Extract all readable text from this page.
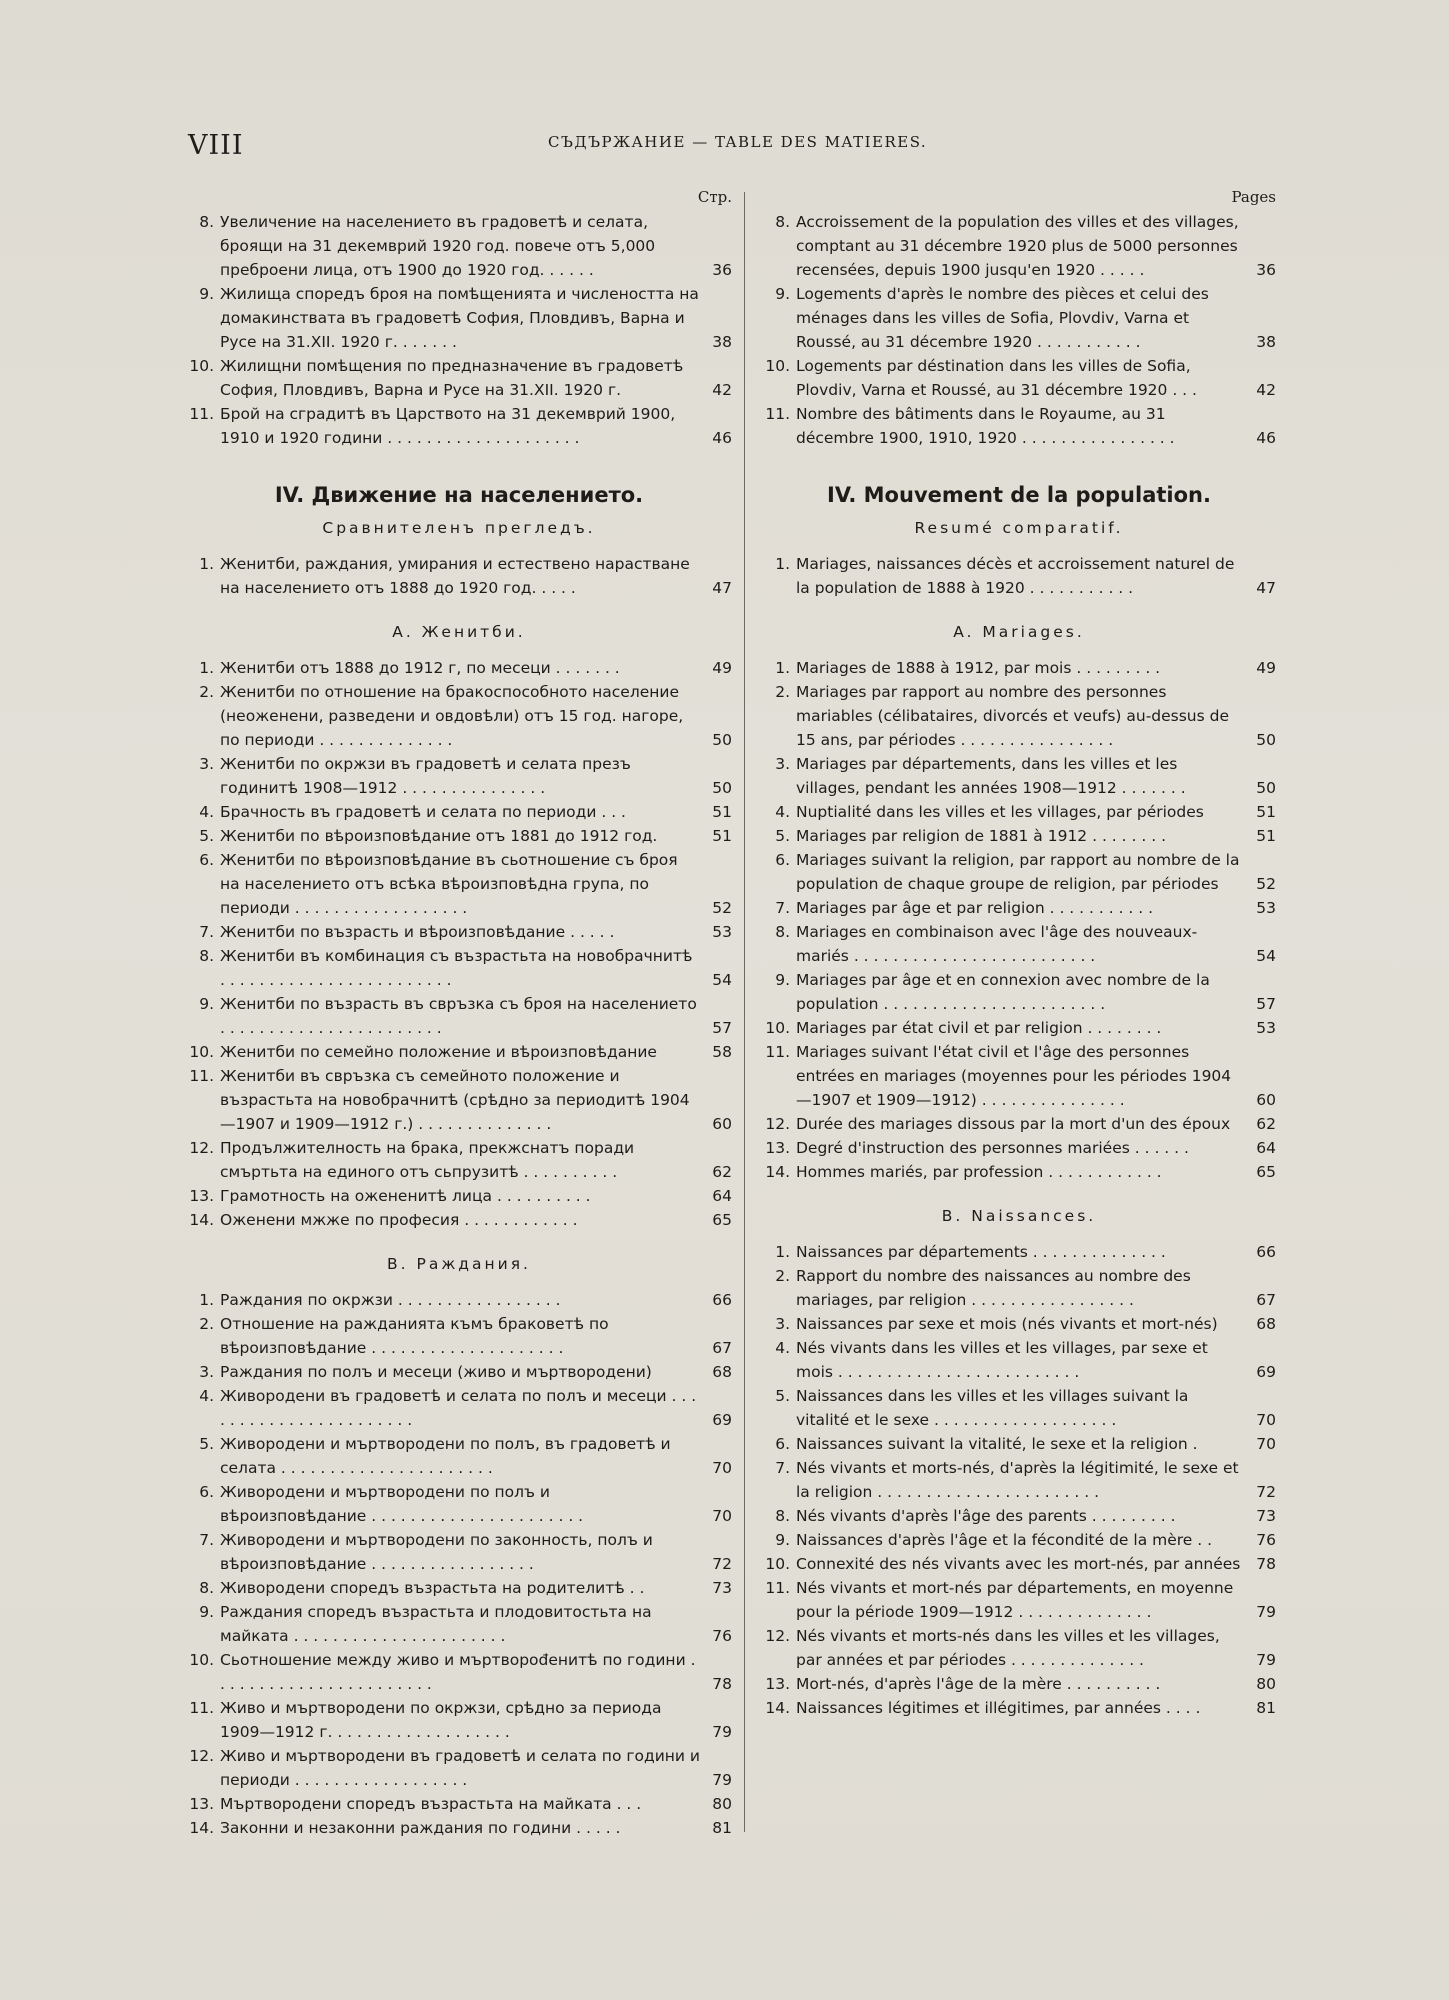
VIII	СЪДЪРЖАНИЕ — TABLE DES MATIERES.
Стр.
8. Увеличение на населението въ градоветѣ и селата, броящи на 31 декемврий 1920 год. повече отъ 5,000 преброени лица, отъ 1900 до 1920 год. . . . . .	36
9. Жилища споредъ броя на помѣщенията и числеността на домакинствата въ градоветѣ София, Пловдивъ, Варна и Русе на 31.XII. 1920 г. . . . . . .	38
10. Жилищни помѣщения по предназначение въ градоветѣ София, Пловдивъ, Варна и Русе на 31.XII. 1920 г.	42
11. Брой на сградитѣ въ Царството на 31 декемврий 1900, 1910 и 1920 години . . . . . . . . . . . . . . . . . . . .	46
IV. Движение на населението.
Сравнителенъ прегледъ.
1. Женитби, раждания, умирания и естествено нарастване на населението отъ 1888 до 1920 год. . . . .	47
А. Женитби.
1. Женитби отъ 1888 до 1912 г, по месеци . . . . . . .	49
2. Женитби по отношение на бракоспособното население (неоженени, разведени и овдовѣли) отъ 15 год. нагоре, по периоди . . . . . . . . . . . . . .	50
3. Женитби по окржзи въ градоветѣ и селата презъ годинитѣ 1908—1912 . . . . . . . . . . . . . . .	50
4. Брачность въ градоветѣ и селата по периоди . . .	51
5. Женитби по вѣроизповѣдание отъ 1881 до 1912 год.	51
6. Женитби по вѣроизповѣдание въ сьотношение съ броя на населението отъ всѣка вѣроизповѣдна група, по периоди . . . . . . . . . . . . . . . . . .	52
7. Женитби по възрасть и вѣроизповѣдание . . . . .	53
8. Женитби въ комбинация съ възрастьта на новобрачнитѣ . . . . . . . . . . . . . . . . . . . . . . . .	54
9. Женитби по възрасть въ свръзка съ броя на населението . . . . . . . . . . . . . . . . . . . . . . .	57
10. Женитби по семейно положение и вѣроизповѣдание	58
11. Женитби въ свръзка съ семейното положение и възрастьта на новобрачнитѣ (срѣдно за периодитѣ 1904—1907 и 1909—1912 г.) . . . . . . . . . . . . . .	60
12. Продължителность на брака, прекжснатъ поради смъртьта на единого отъ сьпрузитѣ . . . . . . . . . .	62
13. Грамотность на ожененитѣ лица . . . . . . . . . .	64
14. Оженени мжже по професия . . . . . . . . . . . .	65
В. Раждания.
1. Раждания по окржзи . . . . . . . . . . . . . . . . .	66
2. Отношение на ражданията къмъ браковетѣ по вѣроизповѣдание . . . . . . . . . . . . . . . . . . . .	67
3. Раждания по полъ и месеци (живо и мъртвородени)	68
4. Живородени въ градоветѣ и селата по полъ и месеци . . . . . . . . . . . . . . . . . . . . . . .	69
5. Живородени и мъртвородени по полъ, въ градоветѣ и селата . . . . . . . . . . . . . . . . . . . . . .	70
6. Живородени и мъртвородени по полъ и вѣроизповѣдание . . . . . . . . . . . . . . . . . . . . . .	70
7. Живородени и мъртвородени по законность, полъ и вѣроизповѣдание . . . . . . . . . . . . . . . . .	72
8. Живородени споредъ възрастьта на родителитѣ . .	73
9. Раждания споредъ възрастьта и плодовитостьта на майката . . . . . . . . . . . . . . . . . . . . . .	76
10. Сьотношение между живо и мъртворođенитѣ по години . . . . . . . . . . . . . . . . . . . . . . .	78
11. Живо и мъртвородени по окржзи, срѣдно за периода 1909—1912 г. . . . . . . . . . . . . . . . . . .	79
12. Живо и мъртвородени въ градоветѣ и селата по години и периоди . . . . . . . . . . . . . . . . . .	79
13. Мъртвородени споредъ възрастьта на майката . . .	80
14. Законни и незаконни раждания по години . . . . .	81
Pages
8. Accroissement de la population des villes et des villages, comptant au 31 décembre 1920 plus de 5000 personnes recensées, depuis 1900 jusqu'en 1920 . . . . .	36
9. Logements d'après le nombre des pièces et celui des ménages dans les villes de Sofia, Plovdiv, Varna et Roussé, au 31 décembre 1920 . . . . . . . . . . .	38
10. Logements par déstination dans les villes de Sofia, Plovdiv, Varna et Roussé, au 31 décembre 1920 . . .	42
11. Nombre des bâtiments dans le Royaume, au 31 décembre 1900, 1910, 1920 . . . . . . . . . . . . . . . .	46
IV. Mouvement de la population.
Resumé comparatif.
1. Mariages, naissances décès et accroissement naturel de la population de 1888 à 1920 . . . . . . . . . . .	47
A. Mariages.
1. Mariages de 1888 à 1912, par mois . . . . . . . . .	49
2. Mariages par rapport au nombre des personnes mariables (célibataires, divorcés et veufs) au-dessus de 15 ans, par périodes . . . . . . . . . . . . . . . .	50
3. Mariages par départements, dans les villes et les villages, pendant les années 1908—1912 . . . . . . .	50
4. Nuptialité dans les villes et les villages, par périodes	51
5. Mariages par religion de 1881 à 1912 . . . . . . . .	51
6. Mariages suivant la religion, par rapport au nombre de la population de chaque groupe de religion, par périodes	52
7. Mariages par âge et par religion . . . . . . . . . . .	53
8. Mariages en combinaison avec l'âge des nouveaux-mariés . . . . . . . . . . . . . . . . . . . . . . . . .	54
9. Mariages par âge et en connexion avec nombre de la population . . . . . . . . . . . . . . . . . . . . . . .	57
10. Mariages par état civil et par religion . . . . . . . .	53
11. Mariages suivant l'état civil et l'âge des personnes entrées en mariages (moyennes pour les périodes 1904—1907 et 1909—1912) . . . . . . . . . . . . . . .	60
12. Durée des mariages dissous par la mort d'un des époux	62
13. Degré d'instruction des personnes mariées . . . . . .	64
14. Hommes mariés, par profession . . . . . . . . . . . .	65
B. Naissances.
1. Naissances par départements . . . . . . . . . . . . . .	66
2. Rapport du nombre des naissances au nombre des mariages, par religion . . . . . . . . . . . . . . . . .	67
3. Naissances par sexe et mois (nés vivants et mort-nés)	68
4. Nés vivants dans les villes et les villages, par sexe et mois . . . . . . . . . . . . . . . . . . . . . . . . .	69
5. Naissances dans les villes et les villages suivant la vitalité et le sexe . . . . . . . . . . . . . . . . . . .	70
6. Naissances suivant la vitalité, le sexe et la religion .	70
7. Nés vivants et morts-nés, d'après la légitimité, le sexe et la religion . . . . . . . . . . . . . . . . . . . . . . .	72
8. Nés vivants d'après l'âge des parents . . . . . . . . .	73
9. Naissances d'après l'âge et la fécondité de la mère . .	76
10. Connexité des nés vivants avec les mort-nés, par années	78
11. Nés vivants et mort-nés par départements, en moyenne pour la période 1909—1912 . . . . . . . . . . . . . .	79
12. Nés vivants et morts-nés dans les villes et les villages, par années et par périodes . . . . . . . . . . . . . .	79
13. Mort-nés, d'après l'âge de la mère . . . . . . . . . .	80
14. Naissances légitimes et illégitimes, par années . . . .	81
